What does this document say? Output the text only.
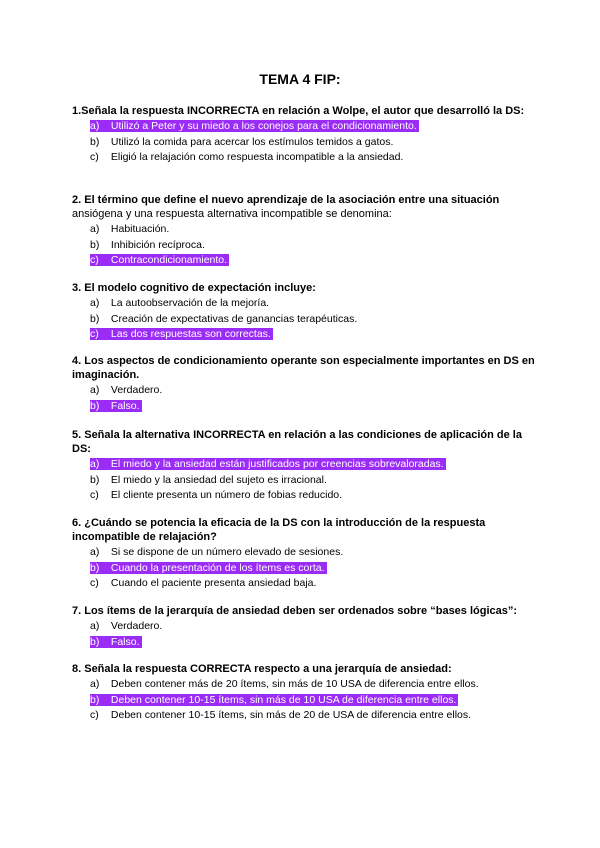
TEMA 4 FIP:
1.Señala la respuesta INCORRECTA en relación a Wolpe, el autor que desarrolló la DS:
a) Utilizó a Peter y su miedo a los conejos para el condicionamiento.
b) Utilizó la comida para acercar los estímulos temidos a gatos.
c) Eligió la relajación como respuesta incompatible a la ansiedad.
2. El término que define el nuevo aprendizaje de la asociación entre una situación
ansiógena y una respuesta alternativa incompatible se denomina:
a) Habituación.
b) Inhibición recíproca.
c) Contracondicionamiento.
3. El modelo cognitivo de expectación incluye:
a) La autoobservación de la mejoría.
b) Creación de expectativas de ganancias terapéuticas.
c) Las dos respuestas son correctas.
4. Los aspectos de condicionamiento operante son especialmente importantes en DS en imaginación.
a) Verdadero.
b) Falso.
5. Señala la alternativa INCORRECTA en relación a las condiciones de aplicación de la DS:
a) El miedo y la ansiedad están justificados por creencias sobrevaloradas.
b) El miedo y la ansiedad del sujeto es irracional.
c) El cliente presenta un número de fobias reducido.
6. ¿Cuándo se potencia la eficacia de la DS con la introducción de la respuesta incompatible de relajación?
a) Si se dispone de un número elevado de sesiones.
b) Cuando la presentación de los ítems es corta.
c) Cuando el paciente presenta ansiedad baja.
7. Los ítems de la jerarquía de ansiedad deben ser ordenados sobre “bases lógicas”:
a) Verdadero.
b) Falso.
8. Señala la respuesta CORRECTA respecto a una jerarquía de ansiedad:
a) Deben contener más de 20 ítems, sin más de 10 USA de diferencia entre ellos.
b) Deben contener 10-15 ítems, sin más de 10 USA de diferencia entre ellos.
c) Deben contener 10-15 ítems, sin más de 20 de USA de diferencia entre ellos.
